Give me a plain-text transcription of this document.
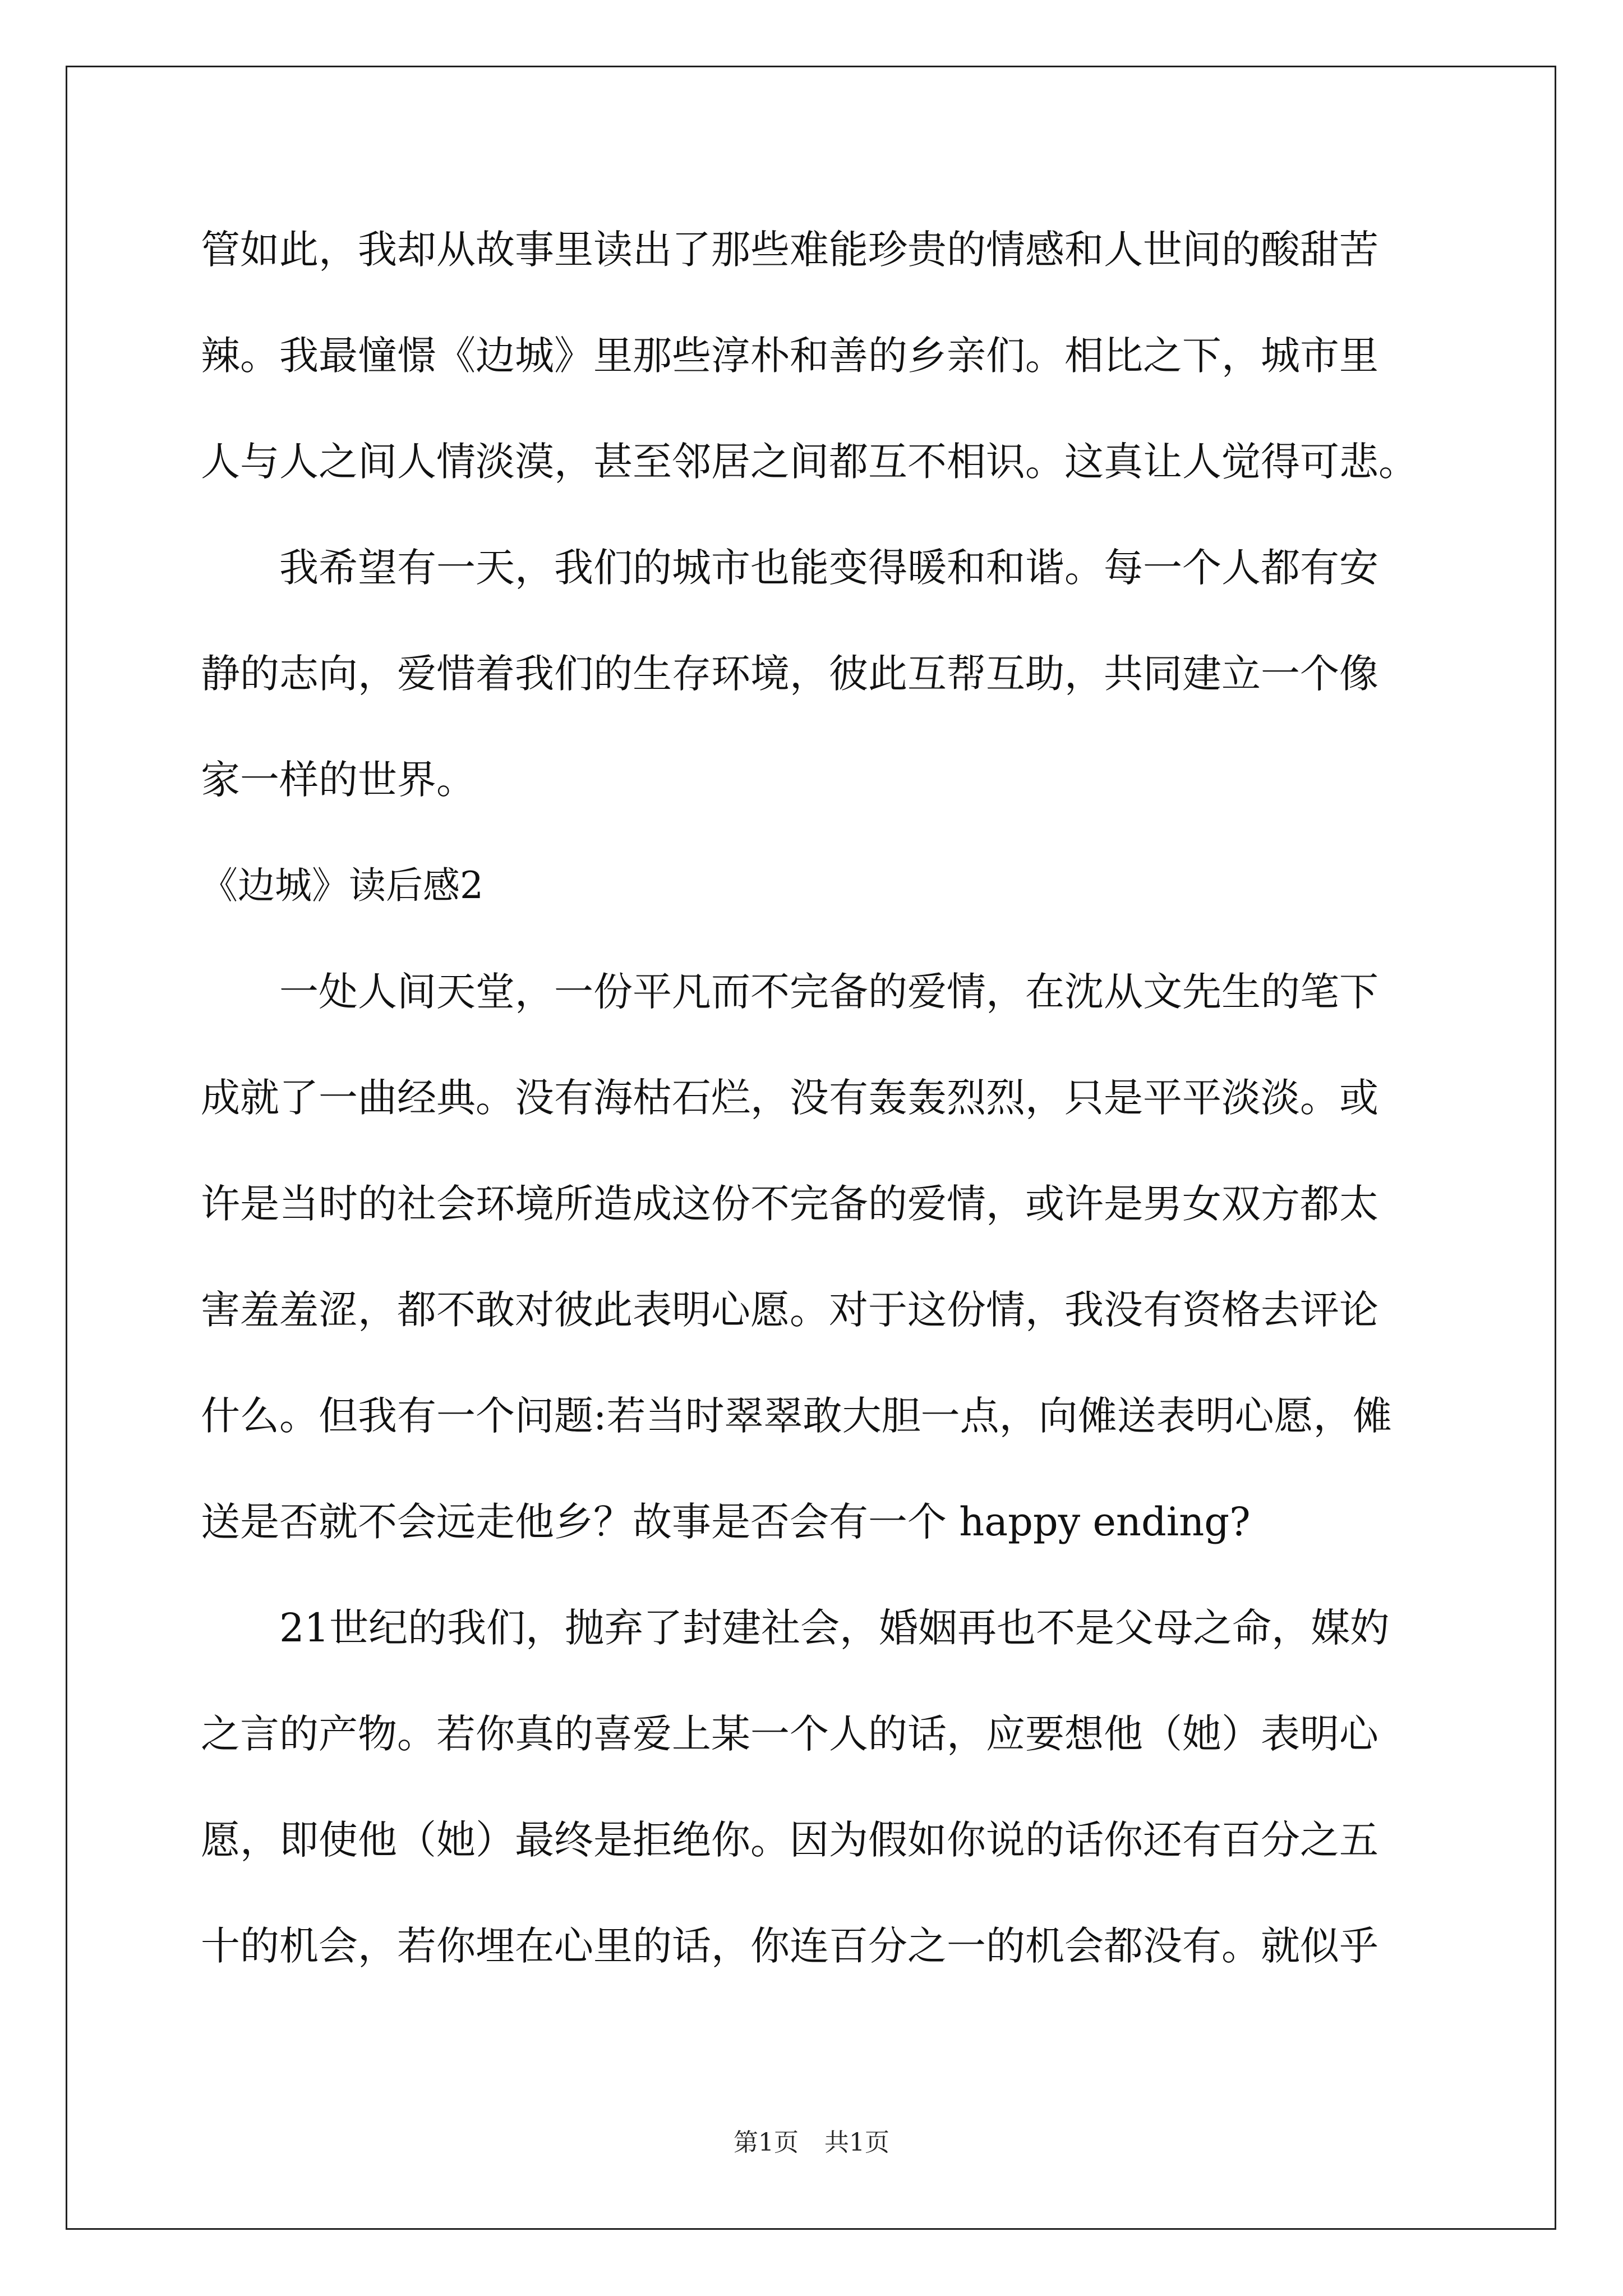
管如此，我却从故事里读出了那些难能珍贵的情感和人世间的酸甜苦
辣。我最憧憬《边城》里那些淳朴和善的乡亲们。相比之下，城市里
人与人之间人情淡漠，甚至邻居之间都互不相识。这真让人觉得可悲。
我希望有一天，我们的城市也能变得暖和和谐。每一个人都有安
静的志向，爱惜着我们的生存环境，彼此互帮互助，共同建立一个像
家一样的世界。
《边城》读后感2
一处人间天堂，一份平凡而不完备的爱情，在沈从文先生的笔下
成就了一曲经典。没有海枯石烂，没有轰轰烈烈，只是平平淡淡。或
许是当时的社会环境所造成这份不完备的爱情，或许是男女双方都太
害羞羞涩，都不敢对彼此表明心愿。对于这份情，我没有资格去评论
什么。但我有一个问题:若当时翠翠敢大胆一点，向傩送表明心愿，傩
送是否就不会远走他乡？故事是否会有一个 happy ending?
21世纪的我们，抛弃了封建社会，婚姻再也不是父母之命，媒妁
之言的产物。若你真的喜爱上某一个人的话，应要想他（她）表明心
愿，即使他（她）最终是拒绝你。因为假如你说的话你还有百分之五
十的机会，若你埋在心里的话，你连百分之一的机会都没有。就似乎
第1页 共1页
